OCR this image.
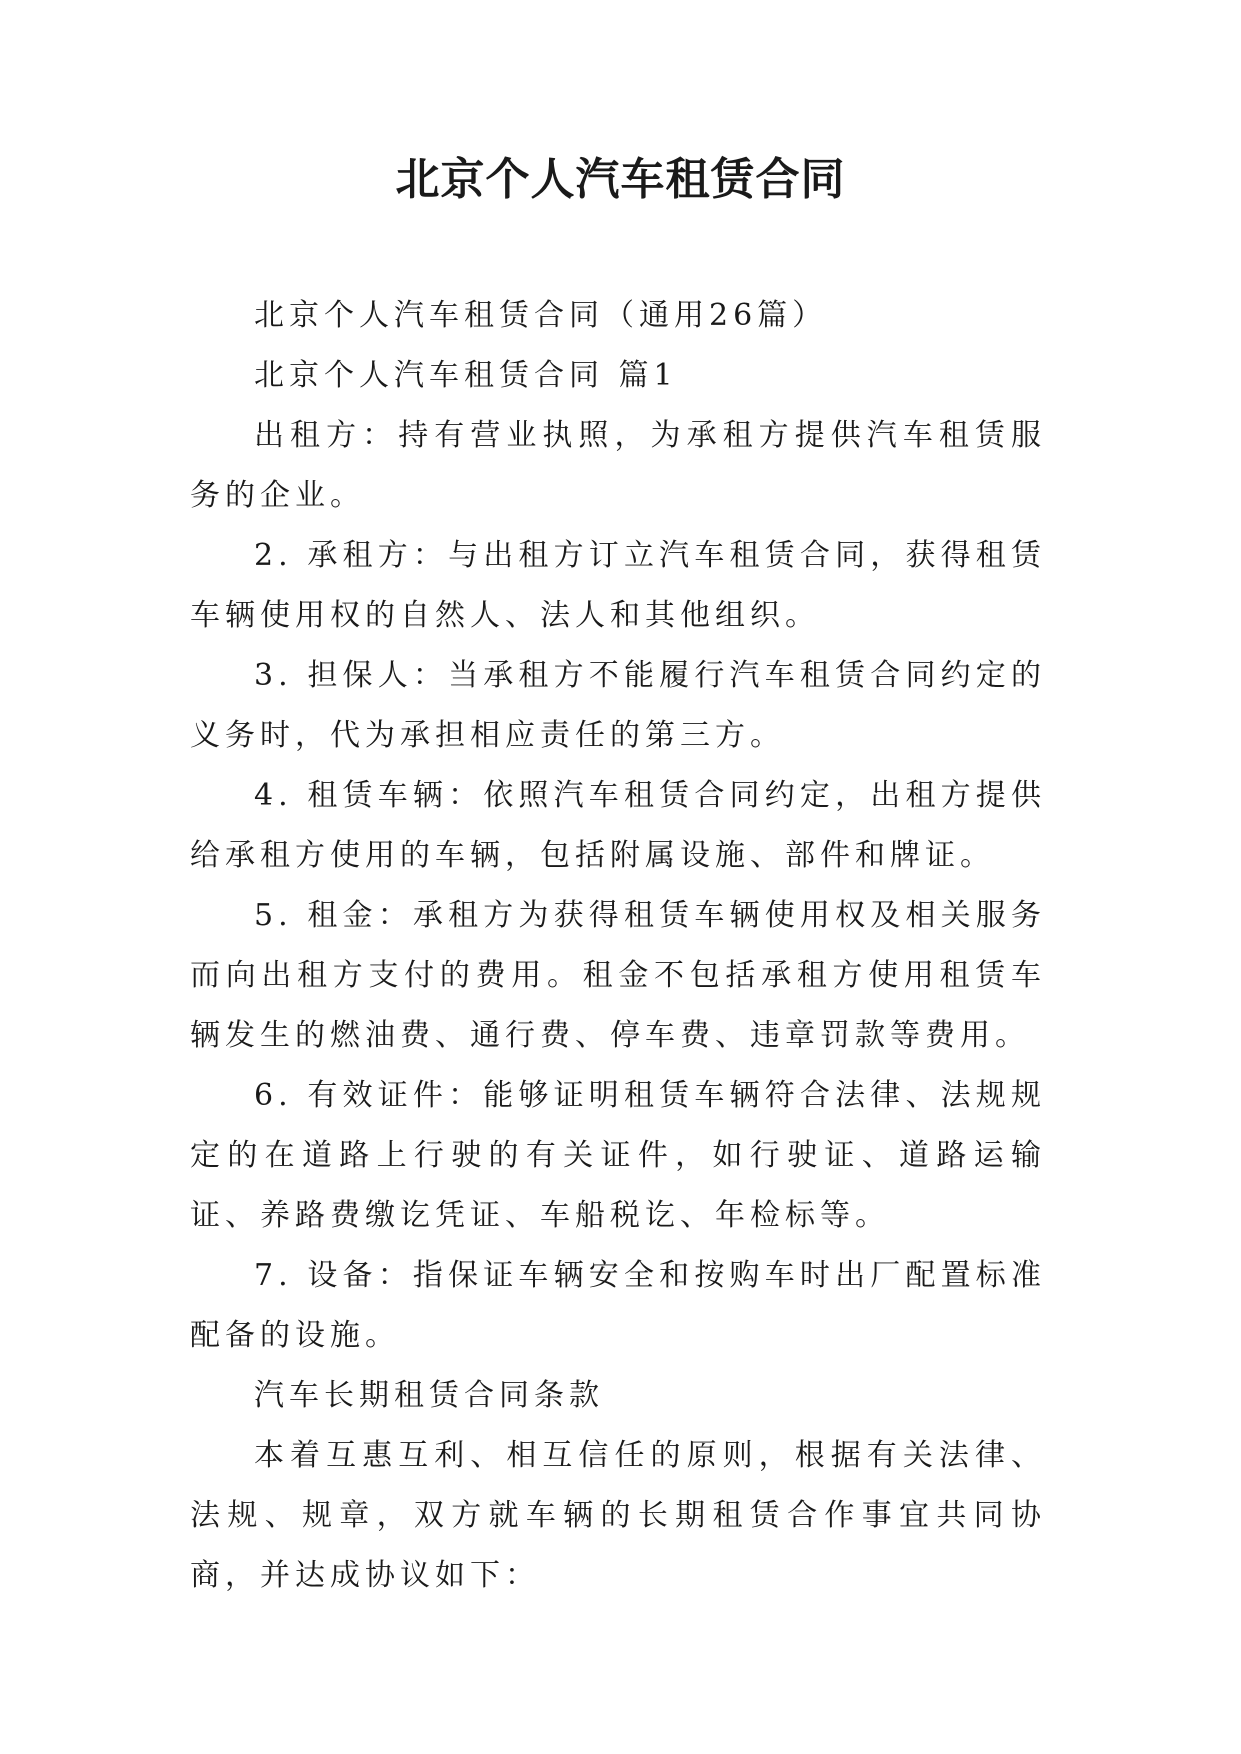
北京个人汽车租赁合同

北京个人汽车租赁合同（通用26篇）

北京个人汽车租赁合同 篇1

出租方：持有营业执照，为承租方提供汽车租赁服务的企业。

2. 承租方：与出租方订立汽车租赁合同，获得租赁车辆使用权的自然人、法人和其他组织。

3. 担保人：当承租方不能履行汽车租赁合同约定的义务时，代为承担相应责任的第三方。

4. 租赁车辆：依照汽车租赁合同约定，出租方提供给承租方使用的车辆，包括附属设施、部件和牌证。

5. 租金：承租方为获得租赁车辆使用权及相关服务而向出租方支付的费用。租金不包括承租方使用租赁车辆发生的燃油费、通行费、停车费、违章罚款等费用。

6. 有效证件：能够证明租赁车辆符合法律、法规规定的在道路上行驶的有关证件，如行驶证、道路运输证、养路费缴讫凭证、车船税讫、年检标等。

7. 设备：指保证车辆安全和按购车时出厂配置标准配备的设施。

汽车长期租赁合同条款

本着互惠互利、相互信任的原则，根据有关法律、法规、规章，双方就车辆的长期租赁合作事宜共同协商，并达成协议如下：
